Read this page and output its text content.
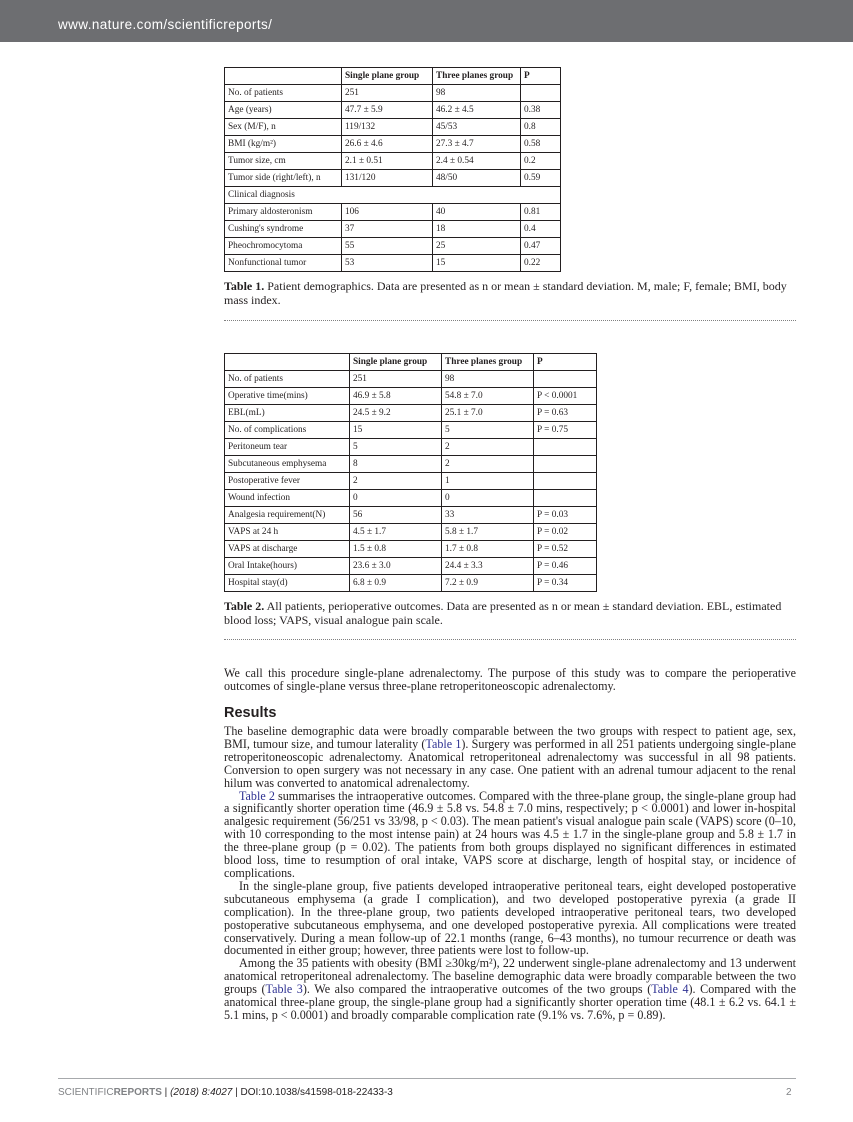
www.nature.com/scientificreports/
	Single plane group	Three planes group	P
No. of patients	251	98	
Age (years)	47.7 ± 5.9	46.2 ± 4.5	0.38
Sex (M/F), n	119/132	45/53	0.8
BMI (kg/m²)	26.6 ± 4.6	27.3 ± 4.7	0.58
Tumor size, cm	2.1 ± 0.51	2.4 ± 0.54	0.2
Tumor side (right/left), n	131/120	48/50	0.59
Clinical diagnosis			
Primary aldosteronism	106	40	0.81
Cushing's syndrome	37	18	0.4
Pheochromocytoma	55	25	0.47
Nonfunctional tumor	53	15	0.22
Table 1. Patient demographics. Data are presented as n or mean ± standard deviation. M, male; F, female; BMI, body mass index.
	Single plane group	Three planes group	P
No. of patients	251	98	
Operative time(mins)	46.9 ± 5.8	54.8 ± 7.0	P < 0.0001
EBL(mL)	24.5 ± 9.2	25.1 ± 7.0	P = 0.63
No. of complications	15	5	P = 0.75
Peritoneum tear	5	2	
Subcutaneous emphysema	8	2	
Postoperative fever	2	1	
Wound infection	0	0	
Analgesia requirement(N)	56	33	P = 0.03
VAPS at 24 h	4.5 ± 1.7	5.8 ± 1.7	P = 0.02
VAPS at discharge	1.5 ± 0.8	1.7 ± 0.8	P = 0.52
Oral Intake(hours)	23.6 ± 3.0	24.4 ± 3.3	P = 0.46
Hospital stay(d)	6.8 ± 0.9	7.2 ± 0.9	P = 0.34
Table 2. All patients, perioperative outcomes. Data are presented as n or mean ± standard deviation. EBL, estimated blood loss; VAPS, visual analogue pain scale.

We call this procedure single-plane adrenalectomy. The purpose of this study was to compare the perioperative outcomes of single-plane versus three-plane retroperitoneoscopic adrenalectomy.

Results

The baseline demographic data were broadly comparable between the two groups with respect to patient age, sex, BMI, tumour size, and tumour laterality (Table 1). Surgery was performed in all 251 patients undergoing single-plane retroperitoneoscopic adrenalectomy. Anatomical retroperitoneal adrenalectomy was successful in all 98 patients. Conversion to open surgery was not necessary in any case. One patient with an adrenal tumour adjacent to the renal hilum was converted to anatomical adrenalectomy.

Table 2 summarises the intraoperative outcomes. Compared with the three-plane group, the single-plane group had a significantly shorter operation time (46.9 ± 5.8 vs. 54.8 ± 7.0 mins, respectively; p < 0.0001) and lower in-hospital analgesic requirement (56/251 vs 33/98, p < 0.03). The mean patient's visual analogue pain scale (VAPS) score (0–10, with 10 corresponding to the most intense pain) at 24 hours was 4.5 ± 1.7 in the single-plane group and 5.8 ± 1.7 in the three-plane group (p = 0.02). The patients from both groups displayed no significant differences in estimated blood loss, time to resumption of oral intake, VAPS score at discharge, length of hospital stay, or incidence of complications.

In the single-plane group, five patients developed intraoperative peritoneal tears, eight developed postoperative subcutaneous emphysema (a grade I complication), and two developed postoperative pyrexia (a grade II complication). In the three-plane group, two patients developed intraoperative peritoneal tears, two developed postoperative subcutaneous emphysema, and one developed postoperative pyrexia. All complications were treated conservatively. During a mean follow-up of 22.1 months (range, 6–43 months), no tumour recurrence or death was documented in either group; however, three patients were lost to follow-up.

Among the 35 patients with obesity (BMI ≥30kg/m²), 22 underwent single-plane adrenalectomy and 13 underwent anatomical retroperitoneal adrenalectomy. The baseline demographic data were broadly comparable between the two groups (Table 3). We also compared the intraoperative outcomes of the two groups (Table 4). Compared with the anatomical three-plane group, the single-plane group had a significantly shorter operation time (48.1 ± 6.2 vs. 64.1 ± 5.1 mins, p < 0.0001) and broadly comparable complication rate (9.1% vs. 7.6%, p = 0.89).

SCIENTIFICREPORTS | (2018) 8:4027 | DOI:10.1038/s41598-018-22433-3	2
